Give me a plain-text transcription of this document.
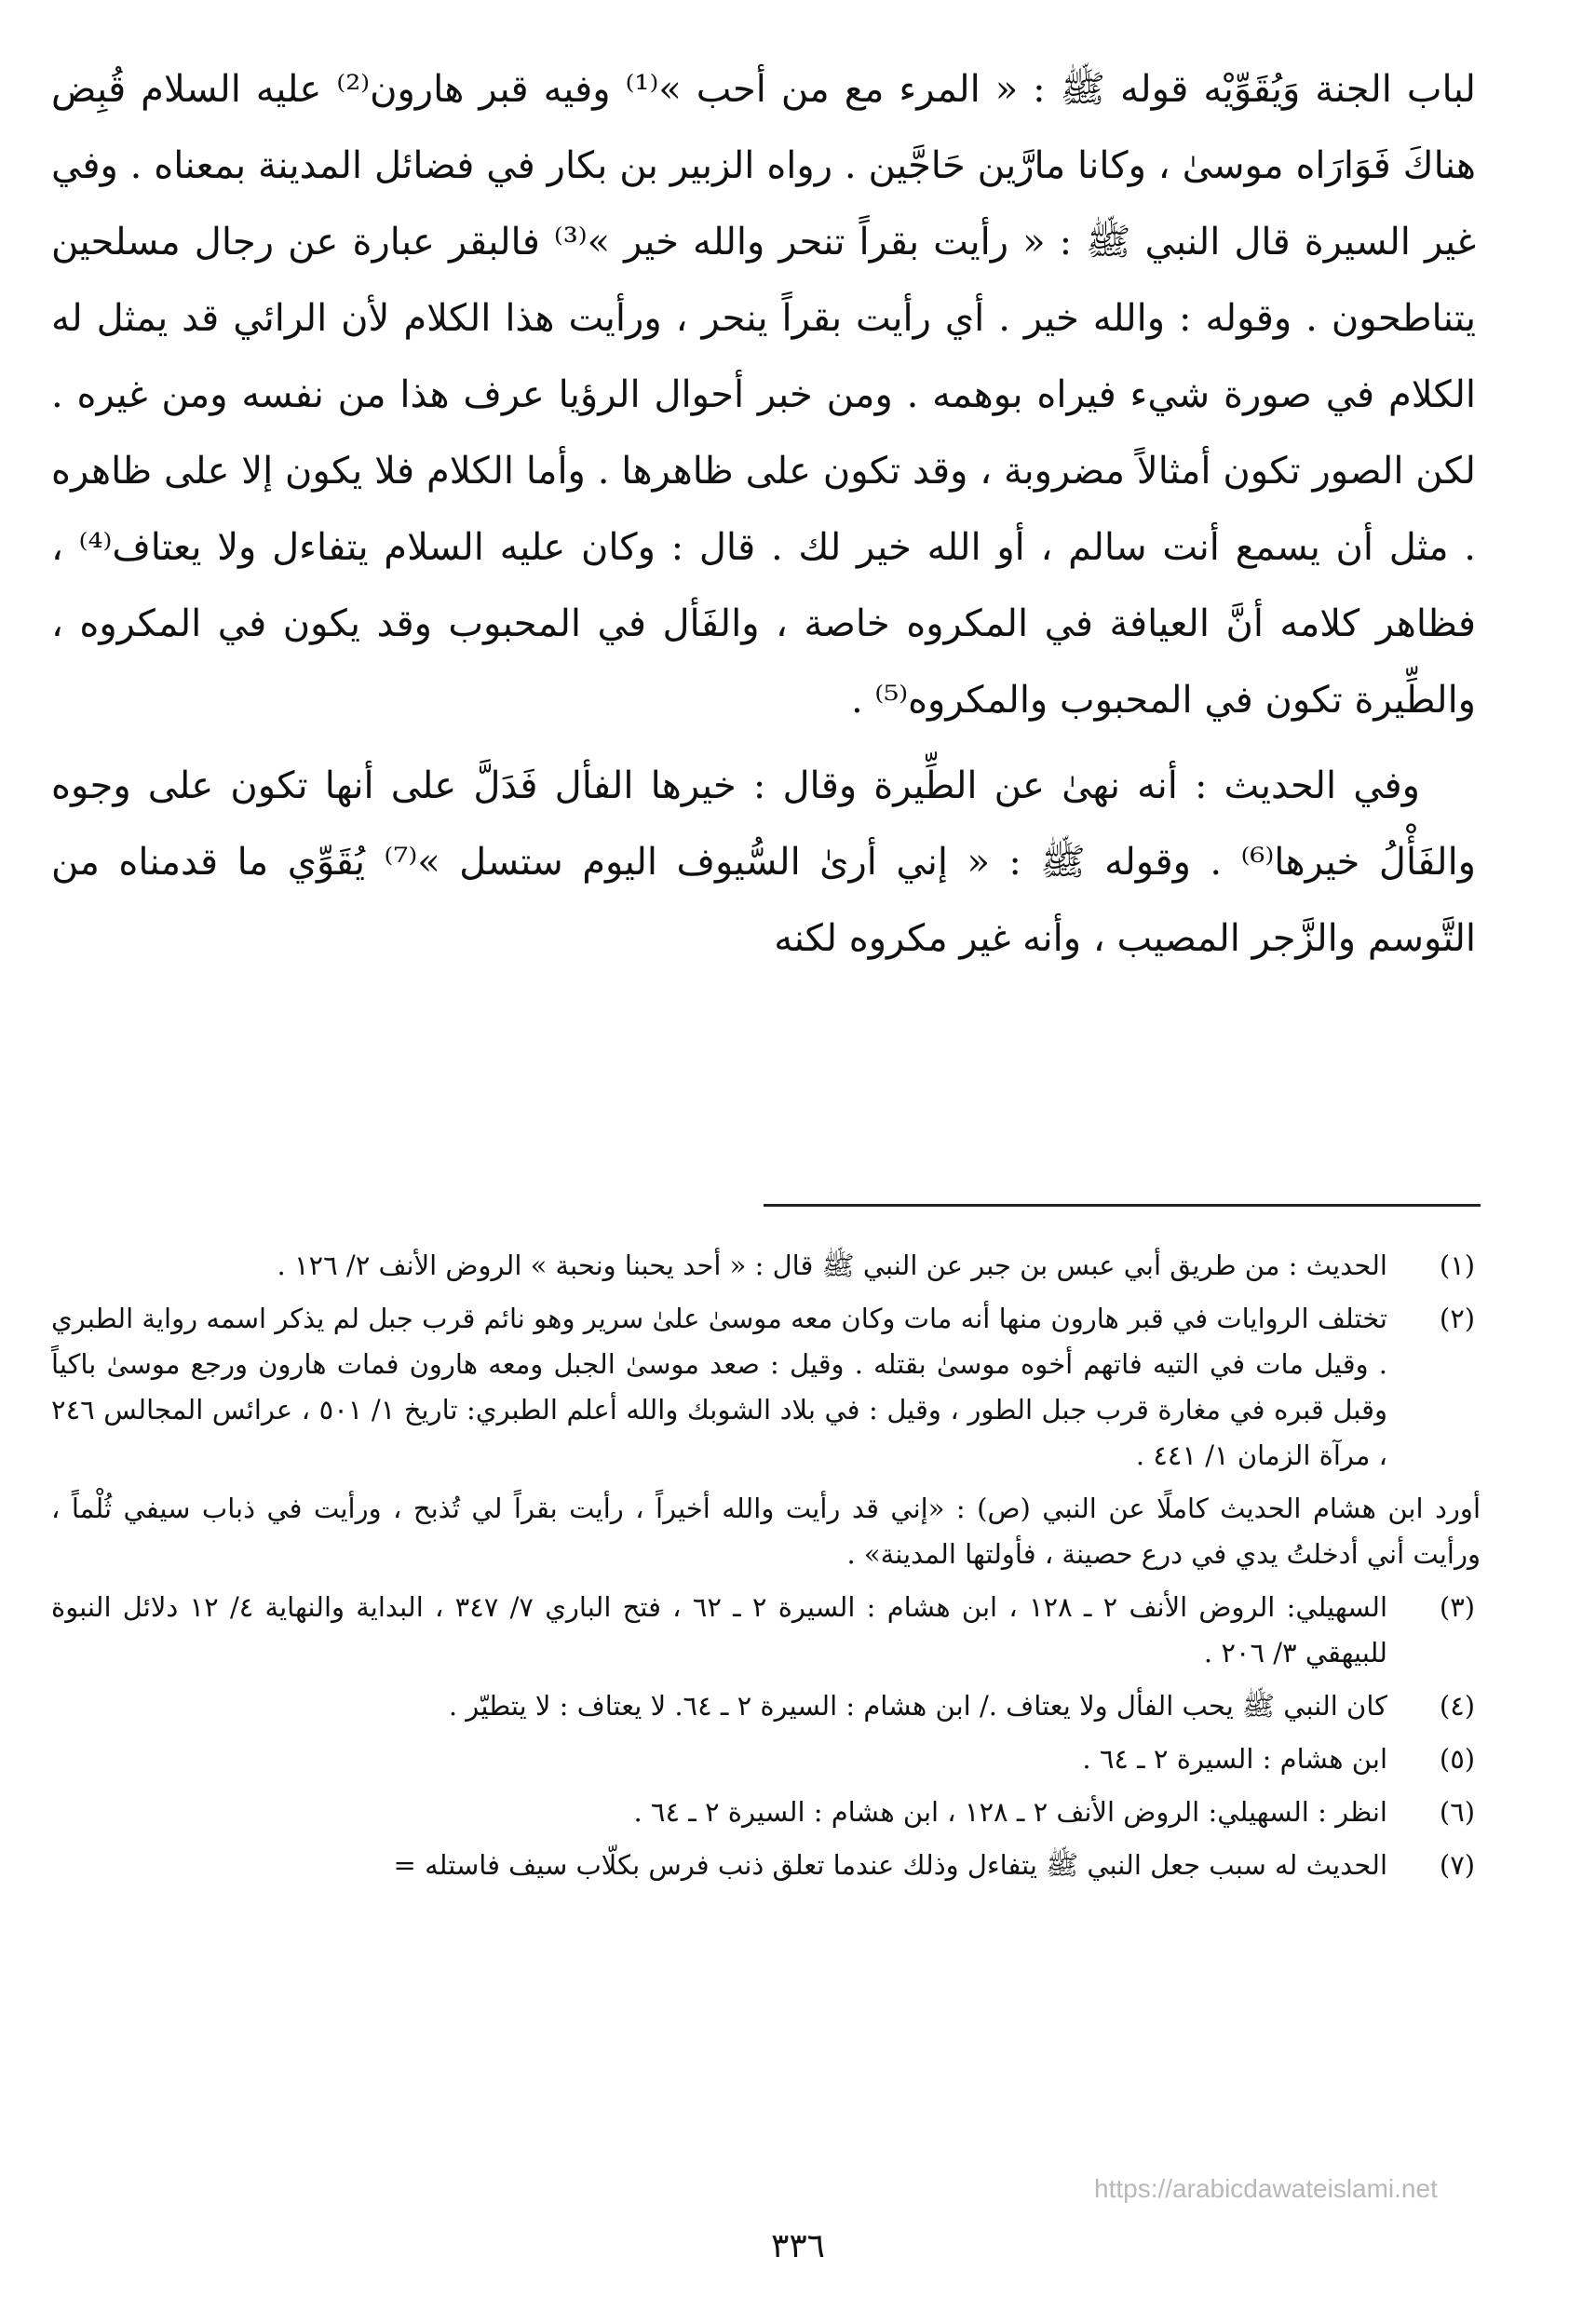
لباب الجنة وَيُقَوِّيْه قوله ﷺ : « المرء مع من أحب »⁽¹⁾ وفيه قبر هارون⁽²⁾ عليه السلام قُبِض هناكَ فَوَارَاه موسىٰ ، وكانا مارَّين حَاجَّين . رواه الزبير بن بكار في فضائل المدينة بمعناه . وفي غير السيرة قال النبي ﷺ : « رأيت بقراً تنحر والله خير »⁽³⁾ فالبقر عبارة عن رجال مسلحين يتناطحون . وقوله : والله خير . أي رأيت بقراً ينحر ، ورأيت هذا الكلام لأن الرائي قد يمثل له الكلام في صورة شيء فيراه بوهمه . ومن خبر أحوال الرؤيا عرف هذا من نفسه ومن غيره . لكن الصور تكون أمثالاً مضروبة ، وقد تكون على ظاهرها . وأما الكلام فلا يكون إلا على ظاهره . مثل أن يسمع أنت سالم ، أو الله خير لك . قال : وكان عليه السلام يتفاءل ولا يعتاف⁽⁴⁾ ، فظاهر كلامه أنَّ العيافة في المكروه خاصة ، والفَأل في المحبوب وقد يكون في المكروه ، والطِّيرة تكون في المحبوب والمكروه⁽⁵⁾ .

وفي الحديث : أنه نهىٰ عن الطِّيرة وقال : خيرها الفأل فَدَلَّ على أنها تكون على وجوه والفَأْلُ خيرها⁽⁶⁾ . وقوله ﷺ : « إني أرىٰ السُّيوف اليوم ستسل »⁽⁷⁾ يُقَوِّي ما قدمناه من التَّوسم والزَّجر المصيب ، وأنه غير مكروه لكنه

(١)
الحديث : من طريق أبي عبس بن جبر عن النبي ﷺ قال : « أحد يحبنا ونحبة » الروض الأنف ٢/ ١٢٦ .
(٢)
تختلف الروايات في قبر هارون منها أنه مات وكان معه موسىٰ علىٰ سرير وهو نائم قرب جبل لم يذكر اسمه رواية الطبري . وقيل مات في التيه فاتهم أخوه موسىٰ بقتله . وقيل : صعد موسىٰ الجبل ومعه هارون فمات هارون ورجع موسىٰ باكياً وقبل قبره في مغارة قرب جبل الطور ، وقيل : في بلاد الشوبك والله أعلم الطبري: تاريخ ١/ ٥٠١ ، عرائس المجالس ٢٤٦ ، مرآة الزمان ١/ ٤٤١ .
أورد ابن هشام الحديث كاملًا عن النبي (ص) : «إني قد رأيت والله أخيراً ، رأيت بقراً لي تُذبح ، ورأيت في ذباب سيفي ثُلْماً ، ورأيت أني أدخلتُ يدي في درع حصينة ، فأولتها المدينة» .
(٣)
السهيلي: الروض الأنف ٢ ـ ١٢٨ ، ابن هشام : السيرة ٢ ـ ٦٢ ، فتح الباري ٧/ ٣٤٧ ، البداية والنهاية ٤/ ١٢ دلائل النبوة للبيهقي ٣/ ٢٠٦ .
(٤)
كان النبي ﷺ يحب الفأل ولا يعتاف ./ ابن هشام : السيرة ٢ ـ ٦٤. لا يعتاف : لا يتطيّر .
(٥)
ابن هشام : السيرة ٢ ـ ٦٤ .
(٦)
انظر : السهيلي: الروض الأنف ٢ ـ ١٢٨ ، ابن هشام : السيرة ٢ ـ ٦٤ .
(٧)
الحديث له سبب جعل النبي ﷺ يتفاءل وذلك عندما تعلق ذنب فرس بكلّاب سيف فاستله =
https://arabicdawateislami.net
٣٣٦
